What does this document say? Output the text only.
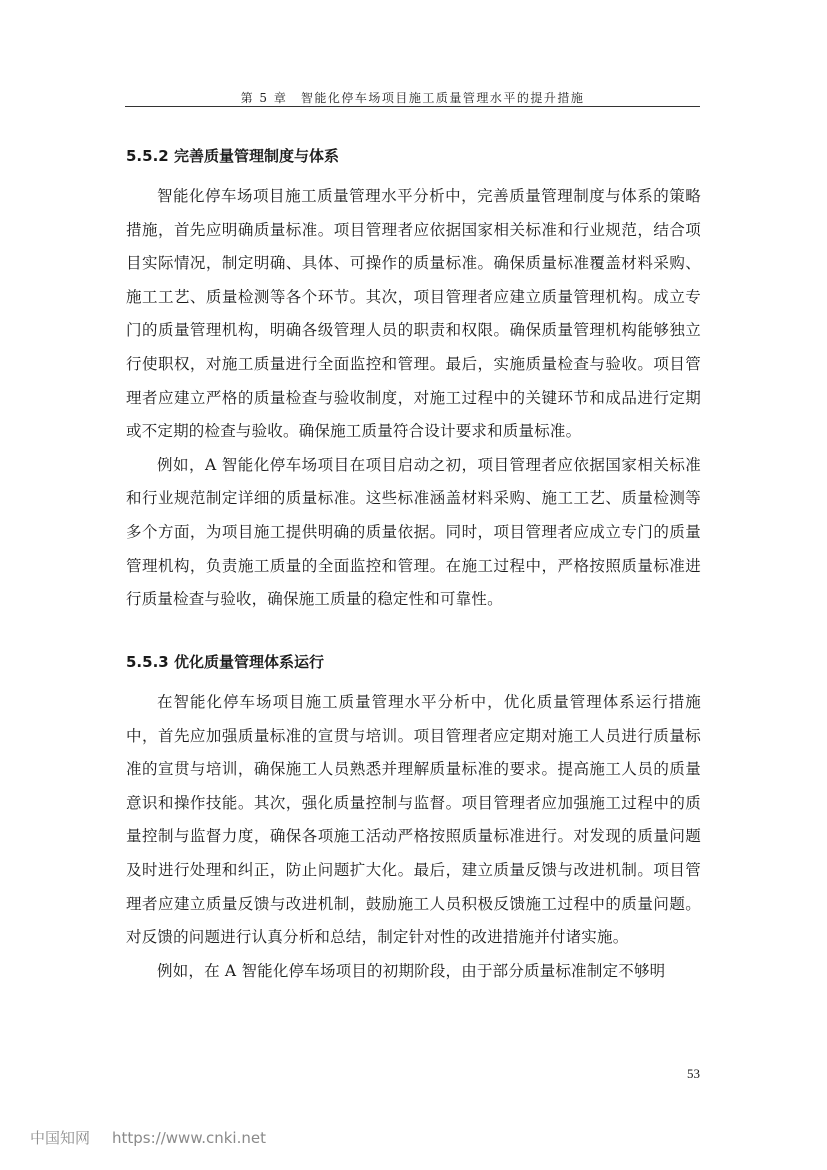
第 5 章　智能化停车场项目施工质量管理水平的提升措施
5.5.2 完善质量管理制度与体系

智能化停车场项目施工质量管理水平分析中，完善质量管理制度与体系的策略措施，首先应明确质量标准。项目管理者应依据国家相关标准和行业规范，结合项目实际情况，制定明确、具体、可操作的质量标准。确保质量标准覆盖材料采购、施工工艺、质量检测等各个环节。其次，项目管理者应建立质量管理机构。成立专门的质量管理机构，明确各级管理人员的职责和权限。确保质量管理机构能够独立行使职权，对施工质量进行全面监控和管理。最后，实施质量检查与验收。项目管理者应建立严格的质量检查与验收制度，对施工过程中的关键环节和成品进行定期或不定期的检查与验收。确保施工质量符合设计要求和质量标准。

例如，A 智能化停车场项目在项目启动之初，项目管理者应依据国家相关标准和行业规范制定详细的质量标准。这些标准涵盖材料采购、施工工艺、质量检测等多个方面，为项目施工提供明确的质量依据。同时，项目管理者应成立专门的质量管理机构，负责施工质量的全面监控和管理。在施工过程中，严格按照质量标准进行质量检查与验收，确保施工质量的稳定性和可靠性。

5.5.3 优化质量管理体系运行

在智能化停车场项目施工质量管理水平分析中，优化质量管理体系运行措施中，首先应加强质量标准的宣贯与培训。项目管理者应定期对施工人员进行质量标准的宣贯与培训，确保施工人员熟悉并理解质量标准的要求。提高施工人员的质量意识和操作技能。其次，强化质量控制与监督。项目管理者应加强施工过程中的质量控制与监督力度，确保各项施工活动严格按照质量标准进行。对发现的质量问题及时进行处理和纠正，防止问题扩大化。最后，建立质量反馈与改进机制。项目管理者应建立质量反馈与改进机制，鼓励施工人员积极反馈施工过程中的质量问题。对反馈的问题进行认真分析和总结，制定针对性的改进措施并付诸实施。

例如，在 A 智能化停车场项目的初期阶段，由于部分质量标准制定不够明

53
中国知网 https://www.cnki.net
